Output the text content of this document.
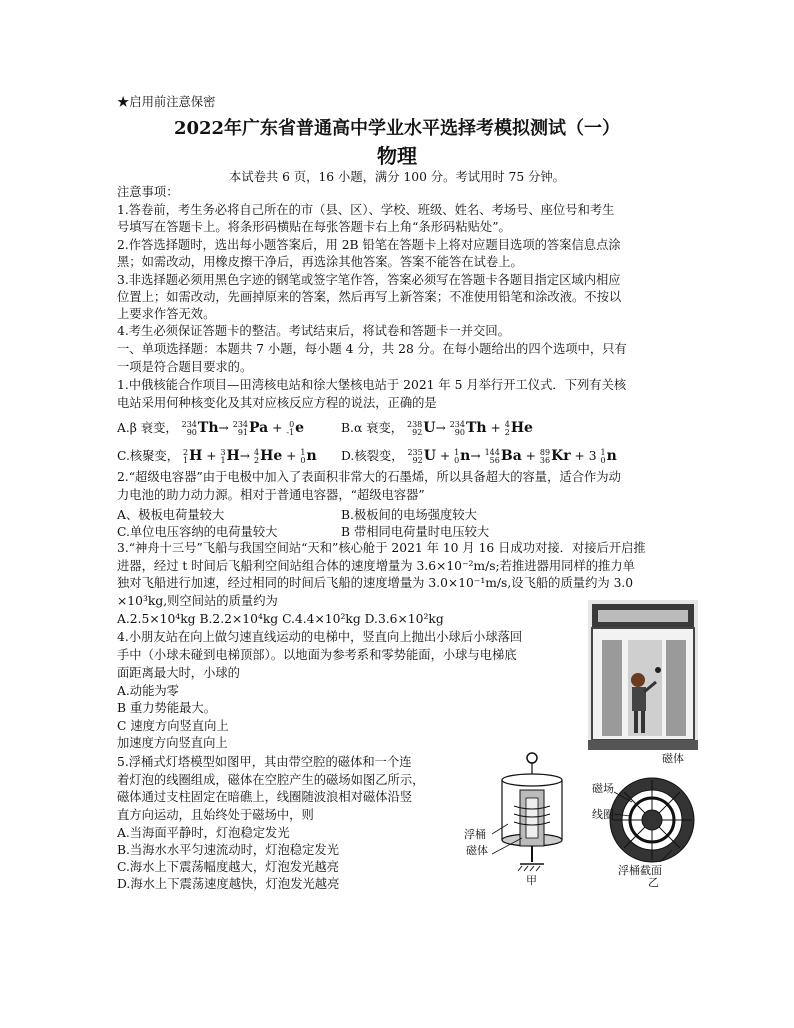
★启用前注意保密
2022年广东省普通高中学业水平选择考模拟测试（一）
物理
本试卷共 6 页，16 小题，满分 100 分。考试用时 75 分钟。
注意事项：
1.答卷前，考生务必将自己所在的市（县、区）、学校、班级、姓名、考场号、座位号和考生
号填写在答题卡上。将条形码横贴在每张答题卡右上角“条形码粘贴处”。
2.作答选择题时，选出每小题答案后，用 2B 铅笔在答题卡上将对应题目选项的答案信息点涂
黑；如需改动，用橡皮擦干净后，再选涂其他答案。答案不能答在试卷上。
3.非选择题必须用黑色字迹的钢笔或签字笔作答，答案必须写在答题卡各题目指定区域内相应
位置上；如需改动，先画掉原来的答案，然后再写上新答案；不准使用铅笔和涂改液。不按以
上要求作答无效。
4.考生必须保证答题卡的整洁。考试结束后，将试卷和答题卡一并交回。
一、单项选择题：本题共 7 小题，每小题 4 分，共 28 分。在每小题给出的四个选项中，只有
一项是符合题目要求的。
1.中俄核能合作项目—田湾核电站和徐大堡核电站于 2021 年 5 月举行开工仪式．下列有关核
电站采用何种核变化及其对应核反应方程的说法，正确的是
A.β 衰变， 234
90 Th→ 234
91 Pa + 0
-1 e	B.α 衰变， 238
92 U→ 234
90 Th + 4
2 He
C.核聚变， 2
1 H + 3
1 H→ 4
2 He + 1
0 n D.核裂变， 235
92 U + 1
0 n→ 144
56 Ba + 89
36 Kr + 3 1
0 n
2.“超级电容器”由于电极中加入了表面积非常大的石墨烯，所以具备超大的容量，适合作为动
力电池的助力动力源。相对于普通电容器，“超级电容器”
A、极板电荷量较大	B.极板间的电场强度较大
C.单位电压容纳的电荷量较大	B 带相同电荷量时电压较大
3.“神舟十三号”飞船与我国空间站“天和”核心舱于 2021 年 10 月 16 日成功对接．对接后开启推
进器，经过 t 时间后飞船利空间站组合体的速度增量为 3.6×10⁻²m/s;若推进器用同样的推力单
独对飞船进行加速，经过相同的时间后飞船的速度增量为 3.0×10⁻¹m/s,设飞船的质量约为 3.0
×10³kg,则空间站的质量约为
A.2.5×10⁴kg B.2.2×10⁴kg C.4.4×10²kg D.3.6×10²kg
4.小朋友站在向上做匀速直线运动的电梯中，竖直向上抛出小球后小球落回
手中（小球未碰到电梯顶部）。以地面为参考系和零势能面，小球与电梯底
面距离最大时，小球的
A.动能为零
B 重力势能最大。
C 速度方向竖直向上
加速度方向竖直向上
5.浮桶式灯塔模型如图甲，其由带空腔的磁体和一个连
着灯泡的线圈组成，磁体在空腔产生的磁场如图乙所示，
磁体通过支柱固定在暗礁上，线圈随波浪相对磁体沿竖
直方向运动，且始终处于磁场中，则
A.当海面平静时，灯泡稳定发光
B.当海水水平匀速流动时，灯泡稳定发光
C.海水上下震荡幅度越大，灯泡发光越亮
D.海水上下震荡速度越快，灯泡发光越亮
浮桶
磁体
甲
磁体
磁场
线圈
浮桶截面
乙
